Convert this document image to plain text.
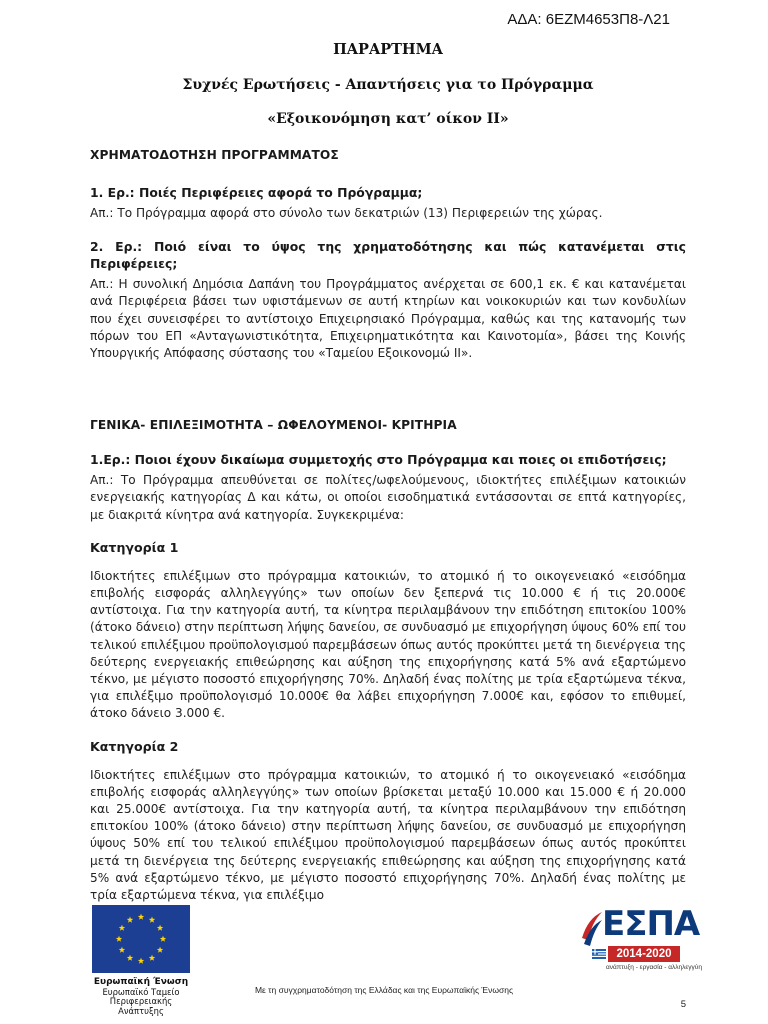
ΑΔΑ: 6ΕΖΜ4653Π8-Λ21
ΠΑΡΑΡΤΗΜΑ
Συχνές Ερωτήσεις - Απαντήσεις για το Πρόγραμμα
«Εξοικονόμηση κατ’ οίκον ΙΙ»
ΧΡΗΜΑΤΟΔΟΤΗΣΗ ΠΡΟΓΡΑΜΜΑΤΟΣ
1. Ερ.: Ποιές Περιφέρειες αφορά το Πρόγραμμα;
Απ.: Το Πρόγραμμα αφορά στο σύνολο των δεκατριών (13) Περιφερειών της χώρας.
2. Ερ.: Ποιό είναι το ύψος της χρηματοδότησης και πώς κατανέμεται στις Περιφέρειες;
Απ.: Η συνολική Δημόσια Δαπάνη του Προγράμματος ανέρχεται σε 600,1 εκ. € και κατανέμεται ανά Περιφέρεια βάσει των υφιστάμενων σε αυτή κτηρίων και νοικοκυριών και των κονδυλίων που έχει συνεισφέρει το αντίστοιχο Επιχειρησιακό Πρόγραμμα, καθώς και της κατανομής των πόρων του ΕΠ «Ανταγωνιστικότητα, Επιχειρηματικότητα και Καινοτομία», βάσει της Κοινής Υπουργικής Απόφασης σύστασης του «Ταμείου Εξοικονομώ ΙΙ».
ΓΕΝΙΚΑ- ΕΠΙΛΕΞΙΜΟΤΗΤΑ – ΩΦΕΛΟΥΜΕΝΟΙ- ΚΡΙΤΗΡΙΑ
1.Ερ.: Ποιοι έχουν δικαίωμα συμμετοχής στο Πρόγραμμα και ποιες οι επιδοτήσεις;
Απ.: Το Πρόγραμμα απευθύνεται σε πολίτες/ωφελούμενους, ιδιοκτήτες επιλέξιμων κατοικιών ενεργειακής κατηγορίας Δ και κάτω, οι οποίοι εισοδηματικά εντάσσονται σε επτά κατηγορίες, με διακριτά κίνητρα ανά κατηγορία. Συγκεκριμένα:
Κατηγορία 1
Ιδιοκτήτες επιλέξιμων στο πρόγραμμα κατοικιών, το ατομικό ή το οικογενειακό «εισόδημα επιβολής εισφοράς αλληλεγγύης» των οποίων δεν ξεπερνά τις 10.000 € ή τις 20.000€ αντίστοιχα. Για την κατηγορία αυτή, τα κίνητρα περιλαμβάνουν την επιδότηση επιτοκίου 100% (άτοκο δάνειο) στην περίπτωση λήψης δανείου, σε συνδυασμό με επιχορήγηση ύψους 60% επί του τελικού επιλέξιμου προϋπολογισμού παρεμβάσεων όπως αυτός προκύπτει μετά τη διενέργεια της δεύτερης ενεργειακής επιθεώρησης και αύξηση της επιχορήγησης κατά 5% ανά εξαρτώμενο τέκνο, με μέγιστο ποσοστό επιχορήγησης 70%. Δηλαδή ένας πολίτης με τρία εξαρτώμενα τέκνα, για επιλέξιμο προϋπολογισμό 10.000€ θα λάβει επιχορήγηση 7.000€ και, εφόσον το επιθυμεί, άτοκο δάνειο 3.000 €.
Κατηγορία 2
Ιδιοκτήτες επιλέξιμων στο πρόγραμμα κατοικιών, το ατομικό ή το οικογενειακό «εισόδημα επιβολής εισφοράς αλληλεγγύης» των οποίων βρίσκεται μεταξύ 10.000 και 15.000 € ή 20.000 και 25.000€ αντίστοιχα. Για την κατηγορία αυτή, τα κίνητρα περιλαμβάνουν την επιδότηση επιτοκίου 100% (άτοκο δάνειο) στην περίπτωση λήψης δανείου, σε συνδυασμό με επιχορήγηση ύψους 50% επί του τελικού επιλέξιμου προϋπολογισμού παρεμβάσεων όπως αυτός προκύπτει μετά τη διενέργεια της δεύτερης ενεργειακής επιθεώρησης και αύξηση της επιχορήγησης κατά 5% ανά εξαρτώμενο τέκνο, με μέγιστο ποσοστό επιχορήγησης 70%. Δηλαδή ένας πολίτης με τρία εξαρτώμενα τέκνα, για επιλέξιμο
Ευρωπαϊκή Ένωση
Ευρωπαϊκό Ταμείο
Περιφερειακής Ανάπτυξης
ΕΣΠΑ
2014-2020
ανάπτυξη - εργασία - αλληλεγγύη
Με τη συγχρηματοδότηση της Ελλάδας και της Ευρωπαϊκής Ένωσης
5
